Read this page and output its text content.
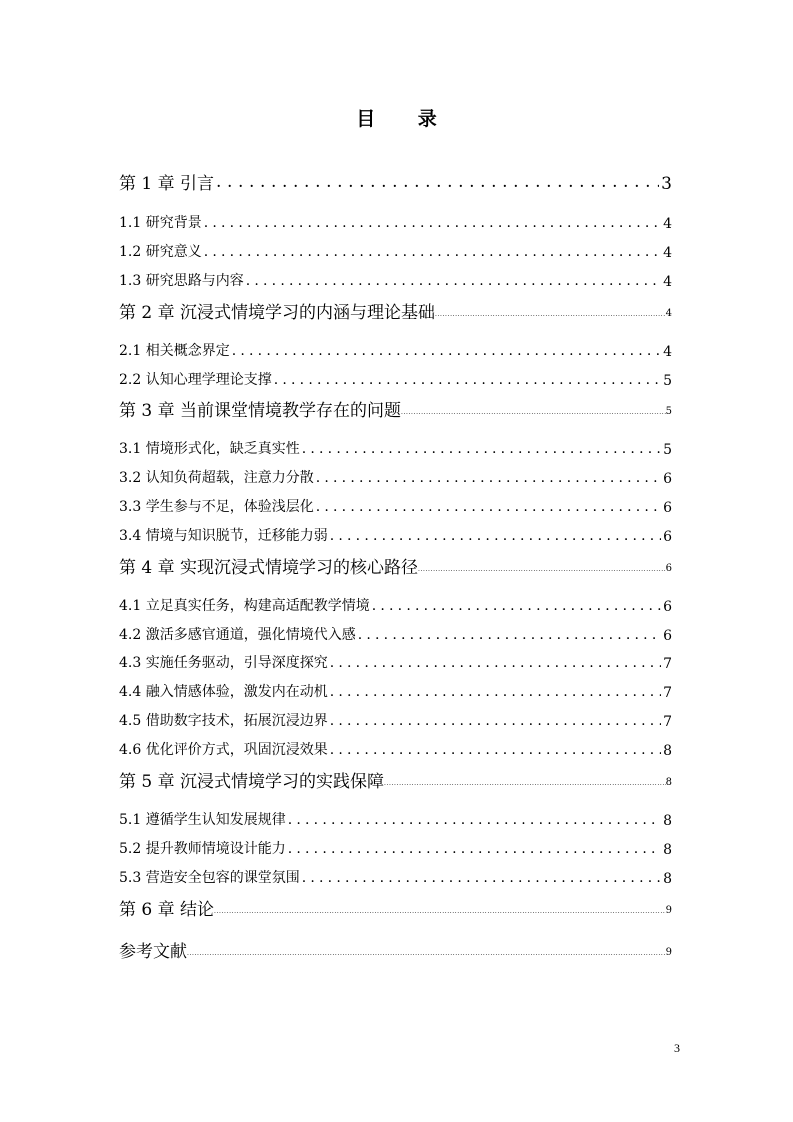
目 录
第 1 章 引言 .....	3
1.1 研究背景 .....	4
1.2 研究意义 .....	4
1.3 研究思路与内容 .....	4
第 2 章 沉浸式情境学习的内涵与理论基础 .....	4
2.1 相关概念界定 .....	4
2.2 认知心理学理论支撑 .....	5
第 3 章 当前课堂情境教学存在的问题 .....	5
3.1 情境形式化，缺乏真实性 .....	5
3.2 认知负荷超载，注意力分散 .....	6
3.3 学生参与不足，体验浅层化 .....	6
3.4 情境与知识脱节，迁移能力弱 .....	6
第 4 章 实现沉浸式情境学习的核心路径 .....	6
4.1 立足真实任务，构建高适配教学情境 .....	6
4.2 激活多感官通道，强化情境代入感 .....	6
4.3 实施任务驱动，引导深度探究 .....	7
4.4 融入情感体验，激发内在动机 .....	7
4.5 借助数字技术，拓展沉浸边界 .....	7
4.6 优化评价方式，巩固沉浸效果 .....	8
第 5 章 沉浸式情境学习的实践保障 .....	8
5.1 遵循学生认知发展规律 .....	8
5.2 提升教师情境设计能力 .....	8
5.3 营造安全包容的课堂氛围 .....	8
第 6 章 结论 .....	9
参考文献 .....	9
3
